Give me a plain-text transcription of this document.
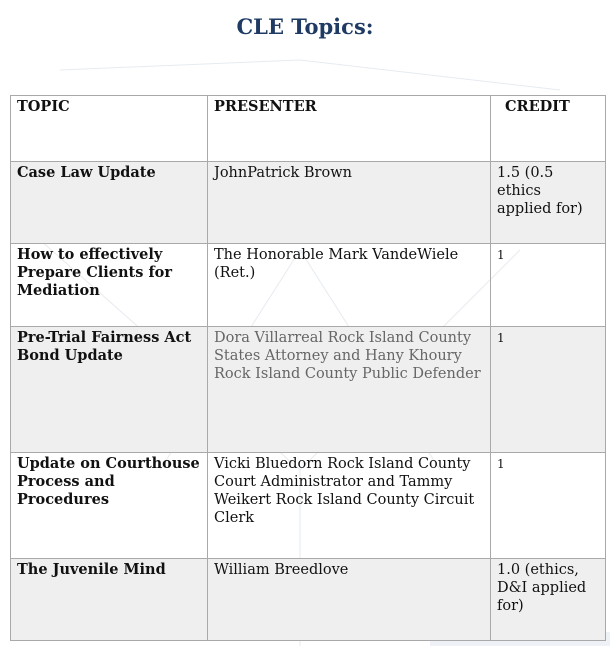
CLE Topics:
TOPIC	PRESENTER	CREDIT
Case Law Update	JohnPatrick Brown	1.5 (0.5 ethics applied for)
How to effectively Prepare Clients for Mediation	The Honorable Mark VandeWiele (Ret.)	1
Pre-Trial Fairness Act Bond Update	Dora Villarreal Rock Island County States Attorney and Hany Khoury Rock Island County Public Defender	1
Update on Courthouse Process and Procedures	Vicki Bluedorn Rock Island County Court Administrator and Tammy Weikert Rock Island County Circuit Clerk	1
The Juvenile Mind	William Breedlove	1.0 (ethics, D&I applied for)
